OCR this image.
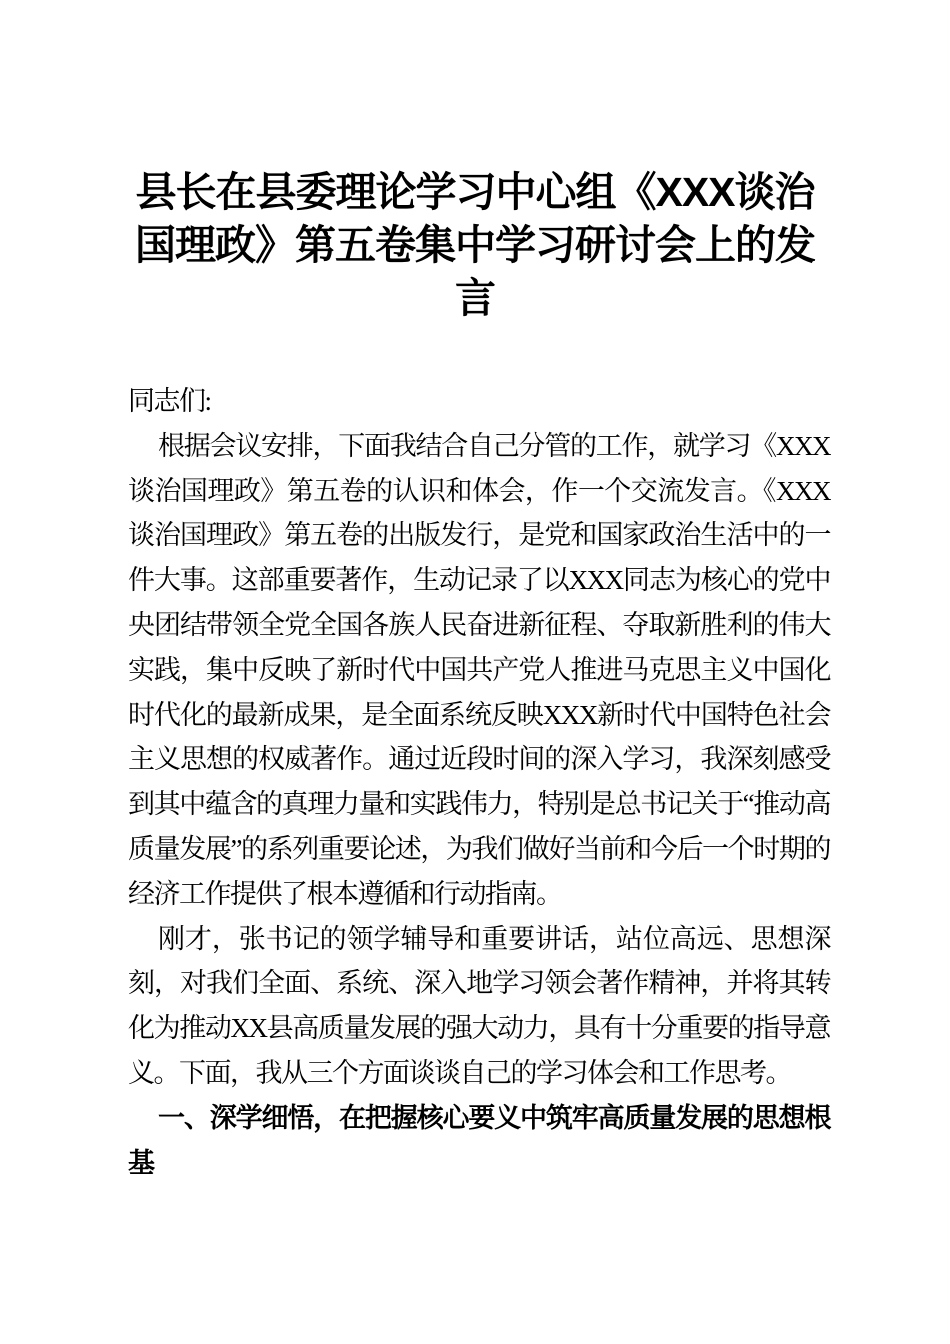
县长在县委理论学习中心组《XXX谈治
国理政》第五卷集中学习研讨会上的发
言

同志们:

根据会议安排，下面我结合自己分管的工作，就学习《XXX谈治国理政》第五卷的认识和体会，作一个交流发言。《XXX谈治国理政》第五卷的出版发行，是党和国家政治生活中的一件大事。这部重要著作，生动记录了以XXX同志为核心的党中央团结带领全党全国各族人民奋进新征程、夺取新胜利的伟大实践，集中反映了新时代中国共产党人推进马克思主义中国化时代化的最新成果，是全面系统反映XXX新时代中国特色社会主义思想的权威著作。通过近段时间的深入学习，我深刻感受到其中蕴含的真理力量和实践伟力，特别是总书记关于“推动高质量发展”的系列重要论述，为我们做好当前和今后一个时期的经济工作提供了根本遵循和行动指南。

刚才，张书记的领学辅导和重要讲话，站位高远、思想深刻，对我们全面、系统、深入地学习领会著作精神，并将其转化为推动XX县高质量发展的强大动力，具有十分重要的指导意义。下面，我从三个方面谈谈自己的学习体会和工作思考。

一、深学细悟，在把握核心要义中筑牢高质量发展的思想根基
